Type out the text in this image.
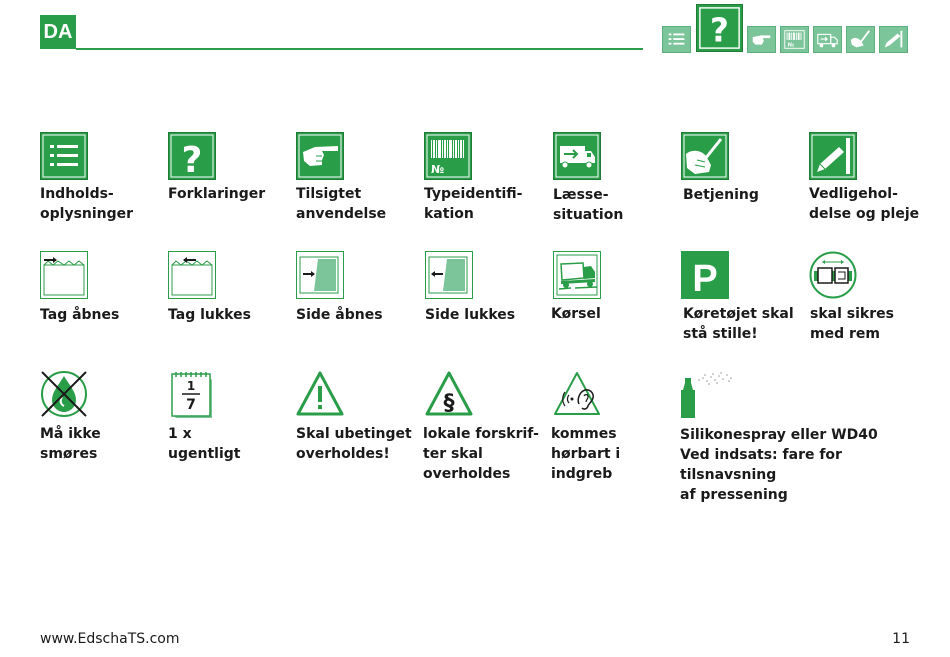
DA	?	№
?	№
Indholds-
oplysninger
Forklaringer	Tilsigtet
anvendelse
Typeidentifi-
kation
Læsse-
situation
Betjening	Vedligehol-
delse og pleje
P
Tag åbnes	Tag lukkes	Side åbnes	Side lukkes	Kørsel	Køretøjet skal
stå stille!
skal sikres
med rem
1
7	§
Må ikke
smøres
1 x
ugentligt
Skal ubetinget
overholdes!
lokale forskrif-
ter skal
overholdes
kommes
hørbart i
indgreb
Silikonespray eller WD40
Ved indsats: fare for tilsnavsning
af pressening
www.EdschaTS.com	11
